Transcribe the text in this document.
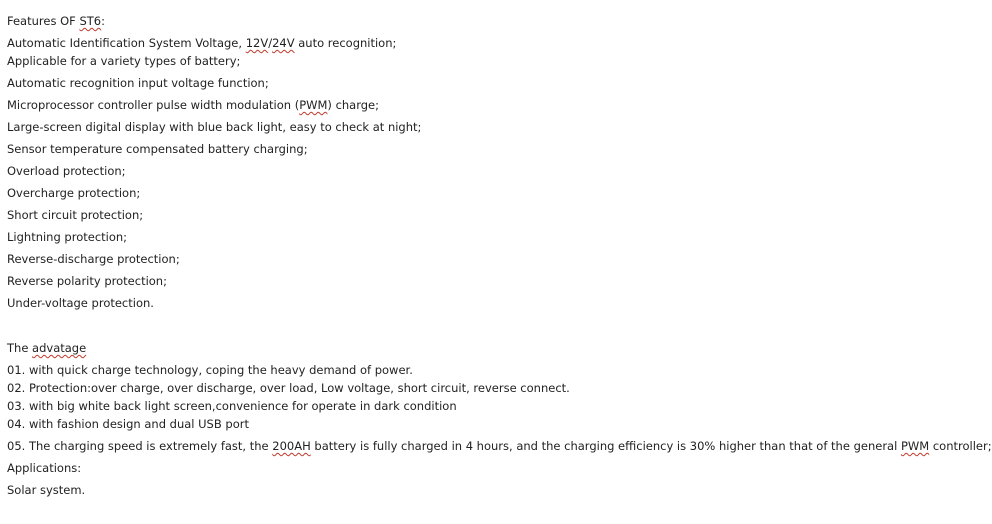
Features OF ST6:
Automatic Identification System Voltage, 12V/24V auto recognition;
Applicable for a variety types of battery;
Automatic recognition input voltage function;
Microprocessor controller pulse width modulation (PWM) charge;
Large-screen digital display with blue back light, easy to check at night;
Sensor temperature compensated battery charging;
Overload protection;
Overcharge protection;
Short circuit protection;
Lightning protection;
Reverse-discharge protection;
Reverse polarity protection;
Under-voltage protection.
The advatage
01. with quick charge technology, coping the heavy demand of power.
02. Protection:over charge, over discharge, over load, Low voltage, short circuit, reverse connect.
03. with big white back light screen,convenience for operate in dark condition
04. with fashion design and dual USB port
05. The charging speed is extremely fast, the 200AH battery is fully charged in 4 hours, and the charging efficiency is 30% higher than that of the general PWM controller;
Applications:
Solar system.
